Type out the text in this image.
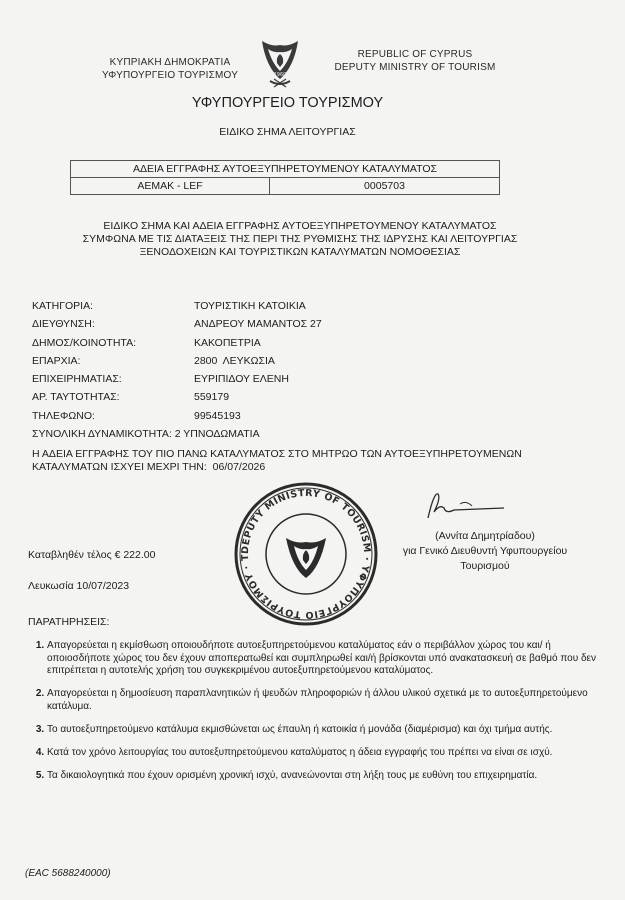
ΚΥΠΡΙΑΚΗ ΔΗΜΟΚΡΑΤΙΑ
ΥΦΥΠΟΥΡΓΕΙΟ ΤΟΥΡΙΣΜΟΥ	1960
REPUBLIC OF CYPRUS
DEPUTY MINISTRY OF TOURISM
ΥΦΥΠΟΥΡΓΕΙΟ ΤΟΥΡΙΣΜΟΥ
ΕΙΔΙΚΟ ΣΗΜΑ ΛΕΙΤΟΥΡΓΙΑΣ
ΑΔΕΙΑ ΕΓΓΡΑΦΗΣ ΑΥΤΟΕΞΥΠΗΡΕΤΟΥΜΕΝΟΥ ΚΑΤΑΛΥΜΑΤΟΣ
ΑΕΜΑΚ - LEF	0005703
ΕΙΔΙΚΟ ΣΗΜΑ ΚΑΙ ΑΔΕΙΑ ΕΓΓΡΑΦΗΣ ΑΥΤΟΕΞΥΠΗΡΕΤΟΥΜΕΝΟΥ ΚΑΤΑΛΥΜΑΤΟΣ
ΣΥΜΦΩΝΑ ΜΕ ΤΙΣ ΔΙΑΤΑΞΕΙΣ ΤΗΣ ΠΕΡΙ ΤΗΣ ΡΥΘΜΙΣΗΣ ΤΗΣ ΙΔΡΥΣΗΣ ΚΑΙ ΛΕΙΤΟΥΡΓΙΑΣ
ΞΕΝΟΔΟΧΕΙΩΝ ΚΑΙ ΤΟΥΡΙΣΤΙΚΩΝ ΚΑΤΑΛΥΜΑΤΩΝ ΝΟΜΟΘΕΣΙΑΣ
ΚΑΤΗΓΟΡΙΑ:	ΤΟΥΡΙΣΤΙΚΗ ΚΑΤΟΙΚΙΑ
ΔΙΕΥΘΥΝΣΗ:	ΑΝΔΡΕΟΥ ΜΑΜΑΝΤΟΣ 27
ΔΗΜΟΣ/ΚΟΙΝΟΤΗΤΑ:	ΚΑΚΟΠΕΤΡΙΑ
ΕΠΑΡΧΙΑ:	2800  ΛΕΥΚΩΣΙΑ
ΕΠΙΧΕΙΡΗΜΑΤΙΑΣ:	ΕΥΡΙΠΙΔΟΥ ΕΛΕΝΗ
ΑΡ. ΤΑΥΤΟΤΗΤΑΣ:	559179
ΤΗΛΕΦΩΝΟ:	99545193
ΣΥΝΟΛΙΚΗ ΔΥΝΑΜΙΚΟΤΗΤΑ:
2 ΥΠΝΟΔΩΜΑΤΙΑ
Η ΑΔΕΙΑ ΕΓΓΡΑΦΗΣ ΤΟΥ ΠΙΟ ΠΑΝΩ ΚΑΤΑΛΥΜΑΤΟΣ ΣΤΟ ΜΗΤΡΩΟ ΤΩΝ ΑΥΤΟΕΞΥΠΗΡΕΤΟΥΜΕΝΩΝ
ΚΑΤΑΛΥΜΑΤΩΝ ΙΣΧΥΕΙ ΜΕΧΡΙ ΤΗΝ: 06/07/2026
DEPUTY MINISTRY OF TOURISM · ΥΦΥΠΟΥΡΓΕΙΟ ΤΟΥΡΙΣΜΟΥ · T
Καταβληθέν τέλος € 222.00
Λευκωσία 10/07/2023
(Αννίτα Δημητρίαδου)
για Γενικό Διευθυντή Υφυπουργείου
Τουρισμού
ΠΑΡΑΤΗΡΗΣΕΙΣ:
1. Απαγορεύεται η εκμίσθωση οποιουδήποτε αυτοεξυπηρετούμενου καταλύματος εάν ο περιβάλλον χώρος του και/ ή οποιοσδήποτε χώρος του δεν έχουν αποπερατωθεί και συμπληρωθεί και/ή βρίσκονται υπό ανακατασκευή σε βαθμό που δεν επιτρέπεται η αυτοτελής χρήση του συγκεκριμένου αυτοεξυπηρετούμενου καταλύματος.
2. Απαγορεύεται η δημοσίευση παραπλανητικών ή ψευδών πληροφοριών ή άλλου υλικού σχετικά με το αυτοεξυπηρετούμενο κατάλυμα.
3. Το αυτοεξυπηρετούμενο κατάλυμα εκμισθώνεται ως έπαυλη ή κατοικία ή μονάδα (διαμέρισμα) και όχι τμήμα αυτής.
4. Κατά τον χρόνο λειτουργίας του αυτοεξυπηρετούμενου καταλύματος η άδεια εγγραφής του πρέπει να είναι σε ισχύ.
5. Τα δικαιολογητικά που έχουν ορισμένη χρονική ισχύ, ανανεώνονται στη λήξη τους με ευθύνη του επιχειρηματία.
(EAC 5688240000)
